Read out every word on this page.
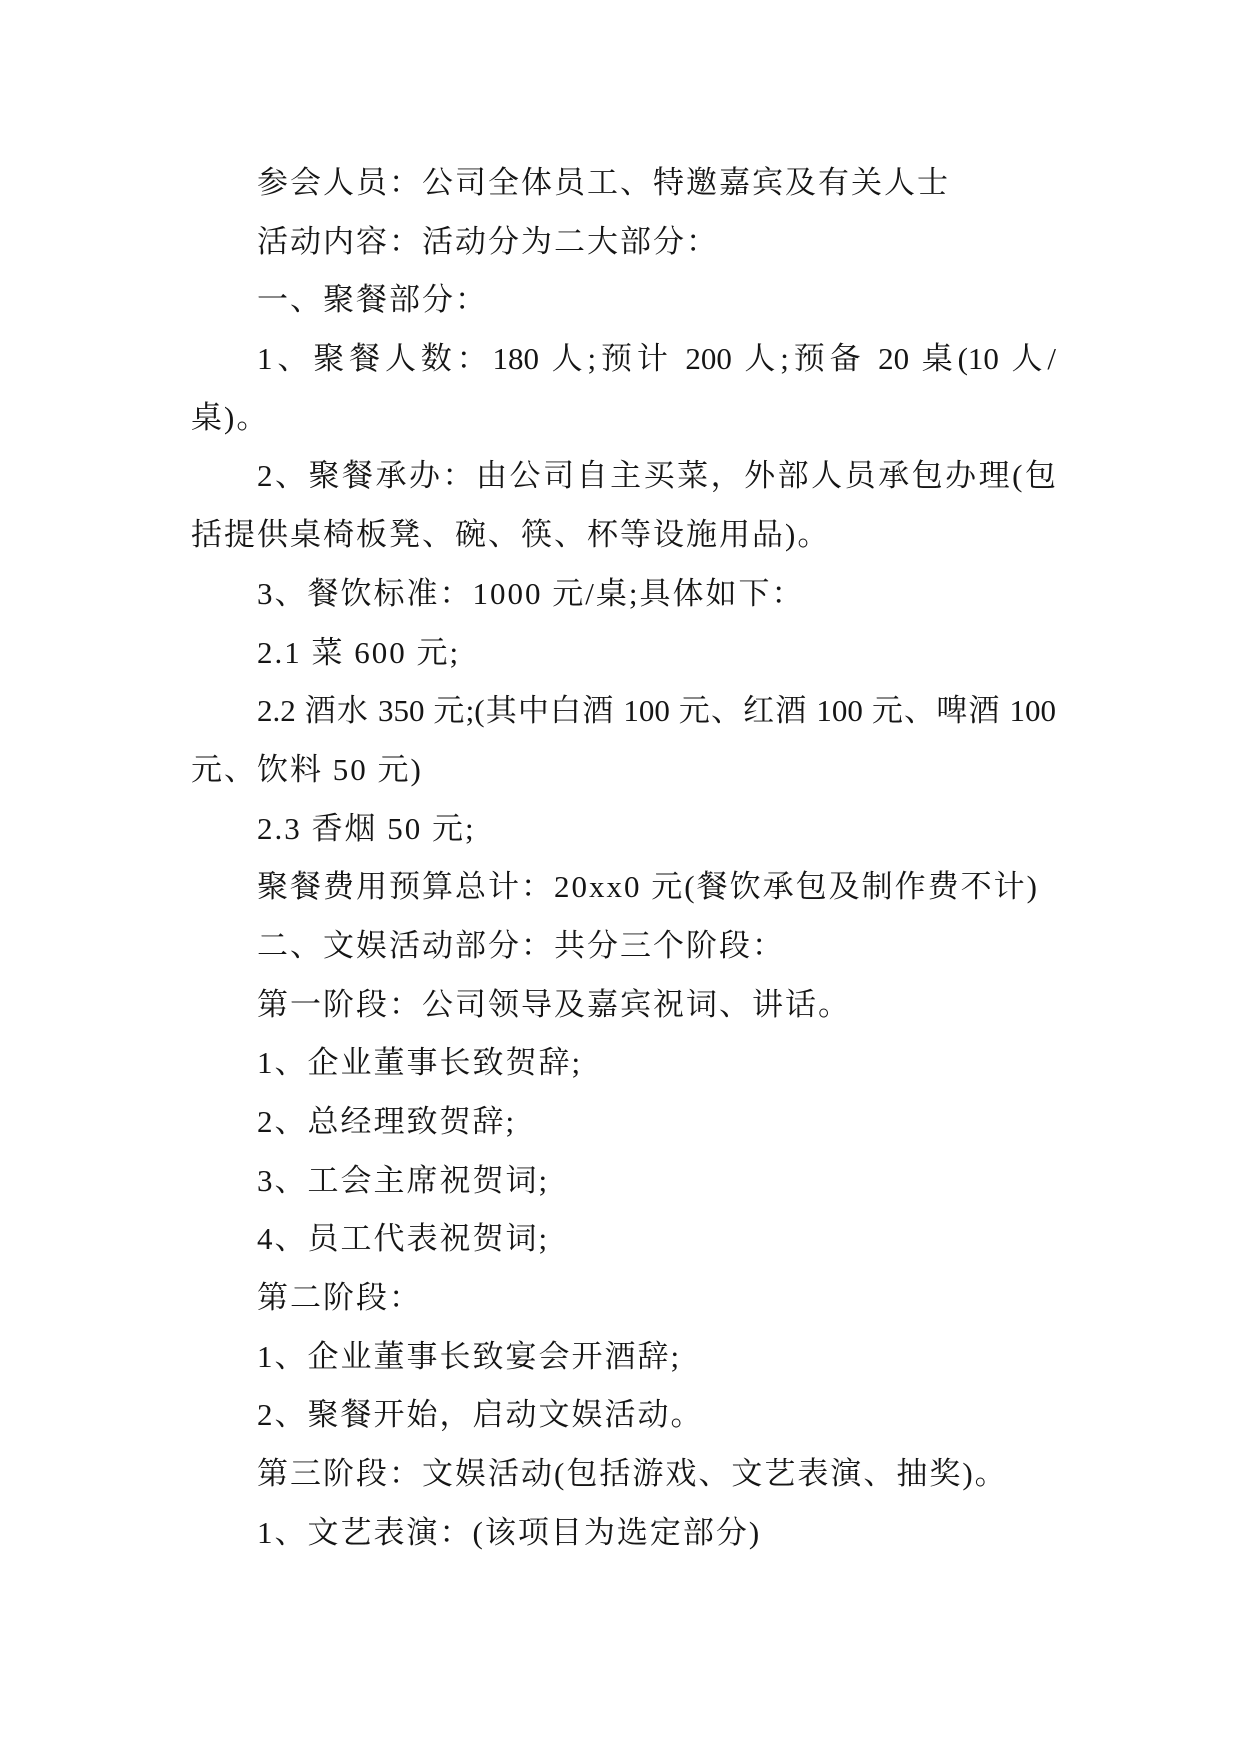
参会人员：公司全体员工、特邀嘉宾及有关人士
活动内容：活动分为二大部分：
一、聚餐部分：
1、聚餐人数：180 人;预计 200 人;预备 20 桌(10 人/
桌)。
2、聚餐承办：由公司自主买菜，外部人员承包办理(包
括提供桌椅板凳、碗、筷、杯等设施用品)。
3、餐饮标准：1000 元/桌;具体如下：
2.1 菜 600 元;
2.2 酒水 350 元;(其中白酒 100 元、红酒 100 元、啤酒 100
元、饮料 50 元)
2.3 香烟 50 元;
聚餐费用预算总计：20xx0 元(餐饮承包及制作费不计)
二、文娱活动部分：共分三个阶段：
第一阶段：公司领导及嘉宾祝词、讲话。
1、企业董事长致贺辞;
2、总经理致贺辞;
3、工会主席祝贺词;
4、员工代表祝贺词;
第二阶段：
1、企业董事长致宴会开酒辞;
2、聚餐开始，启动文娱活动。
第三阶段：文娱活动(包括游戏、文艺表演、抽奖)。
1、文艺表演：(该项目为选定部分)
